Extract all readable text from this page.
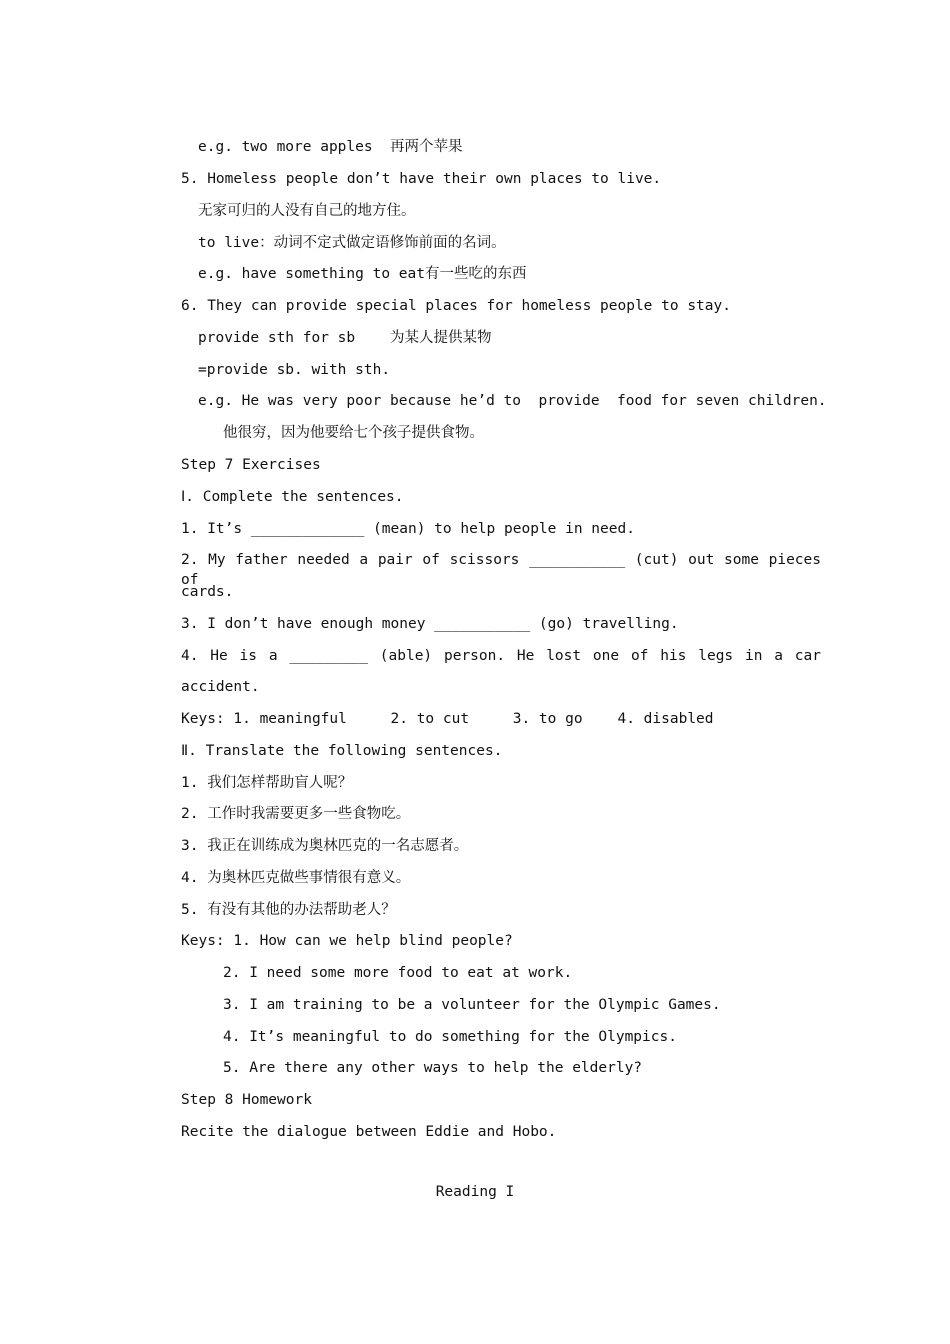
e.g. two more apples  再两个苹果
5. Homeless people don’t have their own places to live.
无家可归的人没有自己的地方住。
to live：动词不定式做定语修饰前面的名词。
e.g. have something to eat有一些吃的东西
6. They can provide special places for homeless people to stay.
provide sth for sb    为某人提供某物
=provide sb. with sth.
e.g. He was very poor because he’d to  provide  food for seven children.
他很穷，因为他要给七个孩子提供食物。
Step 7 Exercises
Ⅰ. Complete the sentences.
1. It’s _____________ (mean) to help people in need.
2. My father needed a pair of scissors ___________ (cut) out some pieces of
cards.
3. I don’t have enough money ___________ (go) travelling.
4. He is a _________ (able) person. He lost one of his legs in a car
accident.
Keys: 1. meaningful     2. to cut     3. to go    4. disabled
Ⅱ. Translate the following sentences.
1. 我们怎样帮助盲人呢？
2. 工作时我需要更多一些食物吃。
3. 我正在训练成为奥林匹克的一名志愿者。
4. 为奥林匹克做些事情很有意义。
5. 有没有其他的办法帮助老人？
Keys: 1. How can we help blind people?
2. I need some more food to eat at work.
3. I am training to be a volunteer for the Olympic Games.
4. It’s meaningful to do something for the Olympics.
5. Are there any other ways to help the elderly?
Step 8 Homework
Recite the dialogue between Eddie and Hobo.
Reading I
